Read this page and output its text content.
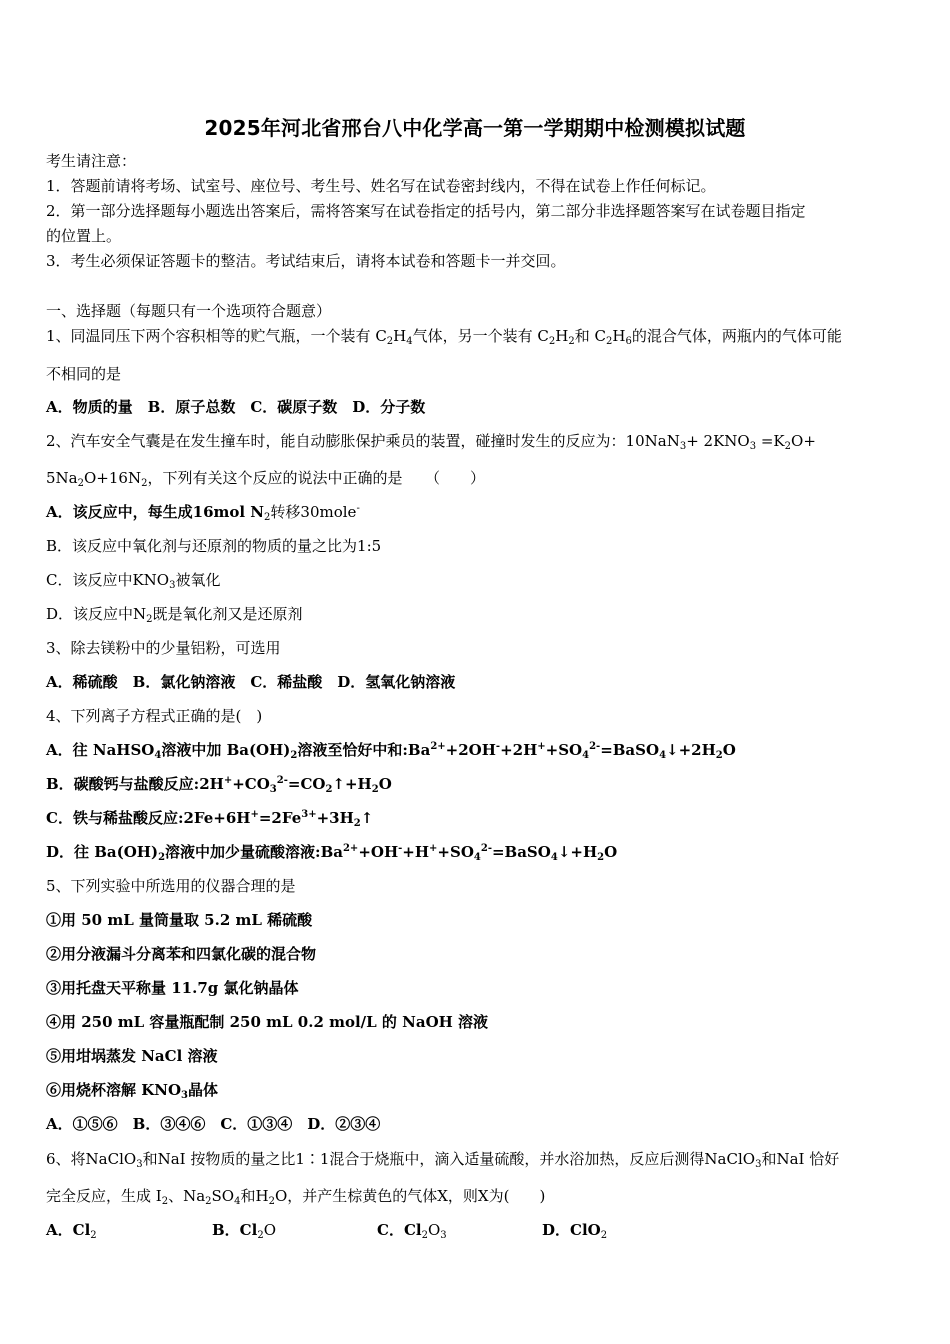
2025年河北省邢台八中化学高一第一学期期中检测模拟试题
考生请注意：
1．答题前请将考场、试室号、座位号、考生号、姓名写在试卷密封线内，不得在试卷上作任何标记。
2．第一部分选择题每小题选出答案后，需将答案写在试卷指定的括号内，第二部分非选择题答案写在试卷题目指定
的位置上。
3．考生必须保证答题卡的整洁。考试结束后，请将本试卷和答题卡一并交回。
一、选择题（每题只有一个选项符合题意）
1、同温同压下两个容积相等的贮气瓶，一个装有 $C_2H_4$气体，另一个装有 $C_2H_2$和 $C_2H_6$的混合气体，两瓶内的气体可能
不相同的是
A．物质的量　B．原子总数　C．碳原子数　D．分子数
2、汽车安全气囊是在发生撞车时，能自动膨胀保护乘员的装置，碰撞时发生的反应为：$10NaN_3+ 2KNO_3 =K_2O+$
$5Na_2O+16N_2$，下列有关这个反应的说法中正确的是　　（　　）
A．该反应中，每生成16mol $N_2$转移30mole-
B．该反应中氧化剂与还原剂的物质的量之比为1:5
C．该反应中$KNO_3$被氧化
D．该反应中$N_2$既是氧化剂又是还原剂
3、除去镁粉中的少量铝粉，可选用
A．稀硫酸　B．氯化钠溶液　C．稀盐酸　D．氢氧化钠溶液
4、下列离子方程式正确的是(　)
A．往 NaHSO$_4$溶液中加 $Ba(OH)_2$溶液至恰好中和$:Ba^{2+}+2OH^-+2H^++SO_4^{2-}=BaSO_4↓+2H_2O$
B．碳酸钙与盐酸反应$:2H^++CO_3^{2-}=CO_2↑+H_2O$
C．铁与稀盐酸反应$:2Fe+6H^+=2Fe^{3+}+3H_2↑$
D．往 $Ba(OH)_2$溶液中加少量硫酸溶液$:Ba^{2+}+OH^-+H^++SO_4^{2-}=BaSO_4↓+H_2O$
5、下列实验中所选用的仪器合理的是
①用 50 mL 量筒量取 5.2 mL 稀硫酸
②用分液漏斗分离苯和四氯化碳的混合物
③用托盘天平称量 11.7g 氯化钠晶体
④用 250 mL 容量瓶配制 250 mL 0.2 mol/L 的 NaOH 溶液
⑤用坩埚蒸发 NaCl 溶液
⑥用烧杯溶解 $KNO_3$晶体
A．①⑤⑥　B．③④⑥　C．①③④　D．②③④
6、将NaClO$_3$和NaI 按物质的量之比1∶1混合于烧瓶中，滴入适量硫酸，并水浴加热，反应后测得NaClO$_3$和NaI 恰好
完全反应，生成 $I_2$、$Na_2SO_4$和$H_2O$，并产生棕黄色的气体X，则X为(　　)
A．$Cl_2$	B．$Cl_2O$	C．$Cl_2O_3$	D．ClO$_2$
